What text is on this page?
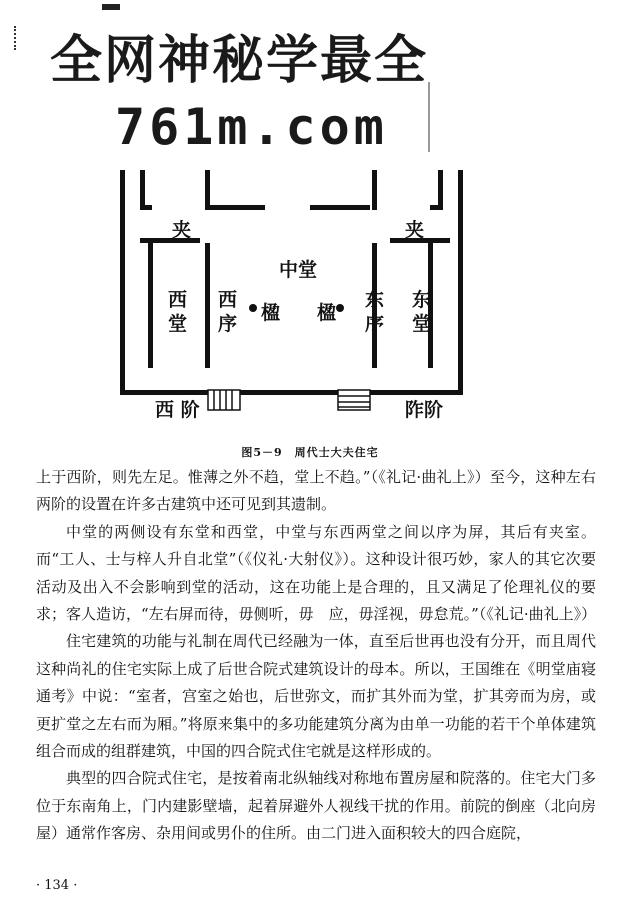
全网神秘学最全
761m.com
夹	夹
中堂
西
堂
西
序 楹 楹
东
序
东
堂
西 阶	阼阶
图5－9　周代士大夫住宅

上于西阶，则先左足。惟薄之外不趋，堂上不趋。”（《礼记·曲礼上》）至今，这种左右两阶的设置在许多古建筑中还可见到其遗制。

中堂的两侧设有东堂和西堂，中堂与东西两堂之间以序为屏，其后有夹室。而“工人、士与梓人升自北堂”（《仪礼·大射仪》）。这种设计很巧妙，家人的其它次要活动及出入不会影响到堂的活动，这在功能上是合理的，且又满足了伦理礼仪的要求；客人造访，“左右屏而待，毋侧听，毋　应，毋淫视，毋怠荒。”（《礼记·曲礼上》）

住宅建筑的功能与礼制在周代已经融为一体，直至后世再也没有分开，而且周代这种尚礼的住宅实际上成了后世合院式建筑设计的母本。所以，王国维在《明堂庙寝通考》中说：“室者，宫室之始也，后世弥文，而扩其外而为堂，扩其旁而为房，或更扩堂之左右而为厢。”将原来集中的多功能建筑分离为由单一功能的若干个单体建筑组合而成的组群建筑，中国的四合院式住宅就是这样形成的。

典型的四合院式住宅，是按着南北纵轴线对称地布置房屋和院落的。住宅大门多位于东南角上，门内建影壁墙，起着屏避外人视线干扰的作用。前院的倒座（北向房屋）通常作客房、杂用间或男仆的住所。由二门进入面积较大的四合庭院，

· 134 ·
